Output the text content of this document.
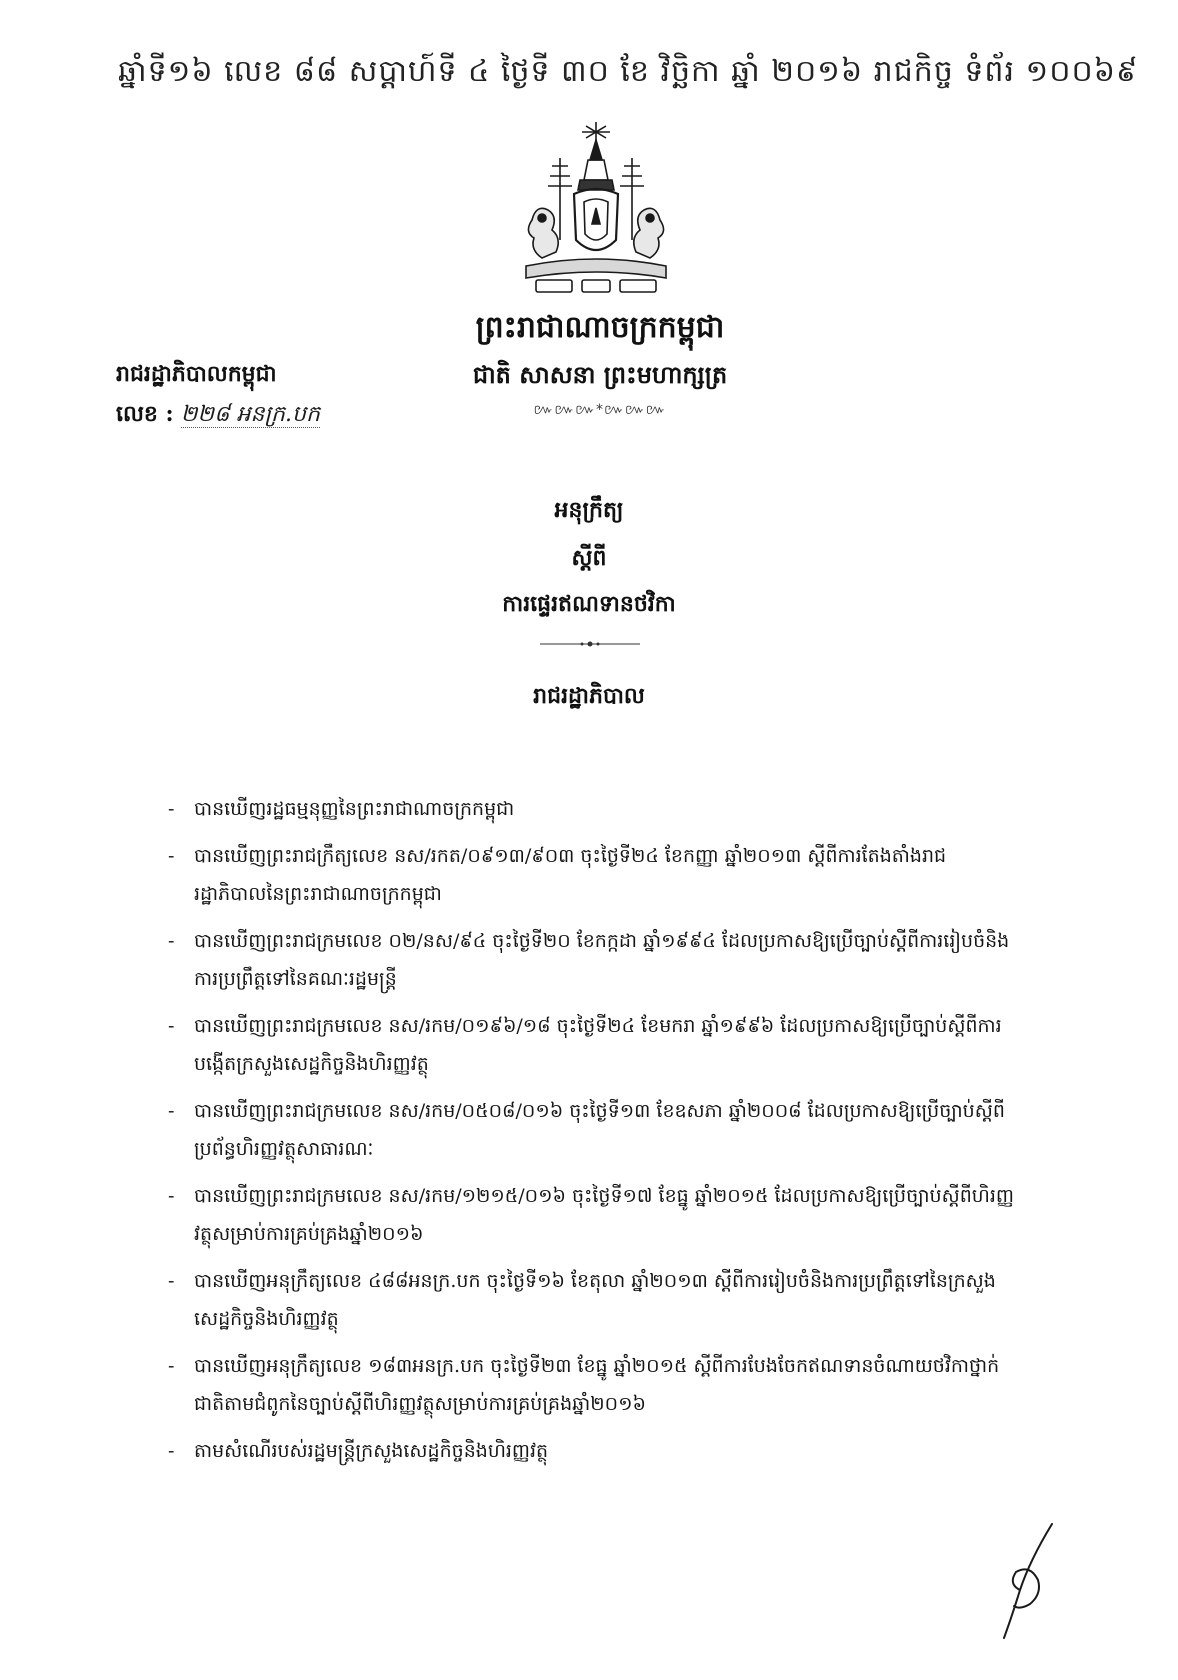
ឆ្នាំទី១៦ លេខ ៨៨ សប្តាហ៍ទី ៤ ថ្ងៃទី ៣០ ខែ វិច្ឆិកា ឆ្នាំ ២០១៦ រាជកិច្ច ទំព័រ ១០០៦៩
ព្រះរាជាណាចក្រកម្ពុជា
ជាតិ សាសនា ព្រះមហាក្សត្រ
៚៚៚*៚៚៚
រាជរដ្ឋាភិបាលកម្ពុជា
លេខ : ២២៨ អនក្រ.បក
អនុក្រឹត្យ
ស្តីពី
ការផ្ទេរឥណទានថវិកា
រាជរដ្ឋាភិបាល
- បានឃើញរដ្ឋធម្មនុញ្ញនៃព្រះរាជាណាចក្រកម្ពុជា
- បានឃើញព្រះរាជក្រឹត្យលេខ នស/រកត/០៩១៣/៩០៣ ចុះថ្ងៃទី២៤ ខែកញ្ញា ឆ្នាំ២០១៣ ស្តីពីការតែងតាំងរាជរដ្ឋាភិបាលនៃព្រះរាជាណាចក្រកម្ពុជា
- បានឃើញព្រះរាជក្រមលេខ ០២/នស/៩៤ ចុះថ្ងៃទី២០ ខែកក្កដា ឆ្នាំ១៩៩៤ ដែលប្រកាសឱ្យប្រើច្បាប់ស្តីពីការរៀបចំនិងការប្រព្រឹត្តទៅនៃគណៈរដ្ឋមន្ត្រី
- បានឃើញព្រះរាជក្រមលេខ នស/រកម/០១៩៦/១៨ ចុះថ្ងៃទី២៤ ខែមករា ឆ្នាំ១៩៩៦ ដែលប្រកាសឱ្យប្រើច្បាប់ស្តីពីការបង្កើតក្រសួងសេដ្ឋកិច្ចនិងហិរញ្ញវត្ថុ
- បានឃើញព្រះរាជក្រមលេខ នស/រកម/០៥០៨/០១៦ ចុះថ្ងៃទី១៣ ខែឧសភា ឆ្នាំ២០០៨ ដែលប្រកាសឱ្យប្រើច្បាប់ស្តីពីប្រព័ន្ធហិរញ្ញវត្ថុសាធារណៈ
- បានឃើញព្រះរាជក្រមលេខ នស/រកម/១២១៥/០១៦ ចុះថ្ងៃទី១៧ ខែធ្នូ ឆ្នាំ២០១៥ ដែលប្រកាសឱ្យប្រើច្បាប់ស្តីពីហិរញ្ញវត្ថុសម្រាប់ការគ្រប់គ្រងឆ្នាំ២០១៦
- បានឃើញអនុក្រឹត្យលេខ ៤៨៨អនក្រ.បក ចុះថ្ងៃទី១៦ ខែតុលា ឆ្នាំ២០១៣ ស្តីពីការរៀបចំនិងការប្រព្រឹត្តទៅនៃក្រសួងសេដ្ឋកិច្ចនិងហិរញ្ញវត្ថុ
- បានឃើញអនុក្រឹត្យលេខ ១៨៣អនក្រ.បក ចុះថ្ងៃទី២៣ ខែធ្នូ ឆ្នាំ២០១៥ ស្តីពីការបែងចែកឥណទានចំណាយថវិកាថ្នាក់ជាតិតាមជំពូកនៃច្បាប់ស្តីពីហិរញ្ញវត្ថុសម្រាប់ការគ្រប់គ្រងឆ្នាំ២០១៦
- តាមសំណើរបស់រដ្ឋមន្ត្រីក្រសួងសេដ្ឋកិច្ចនិងហិរញ្ញវត្ថុ
